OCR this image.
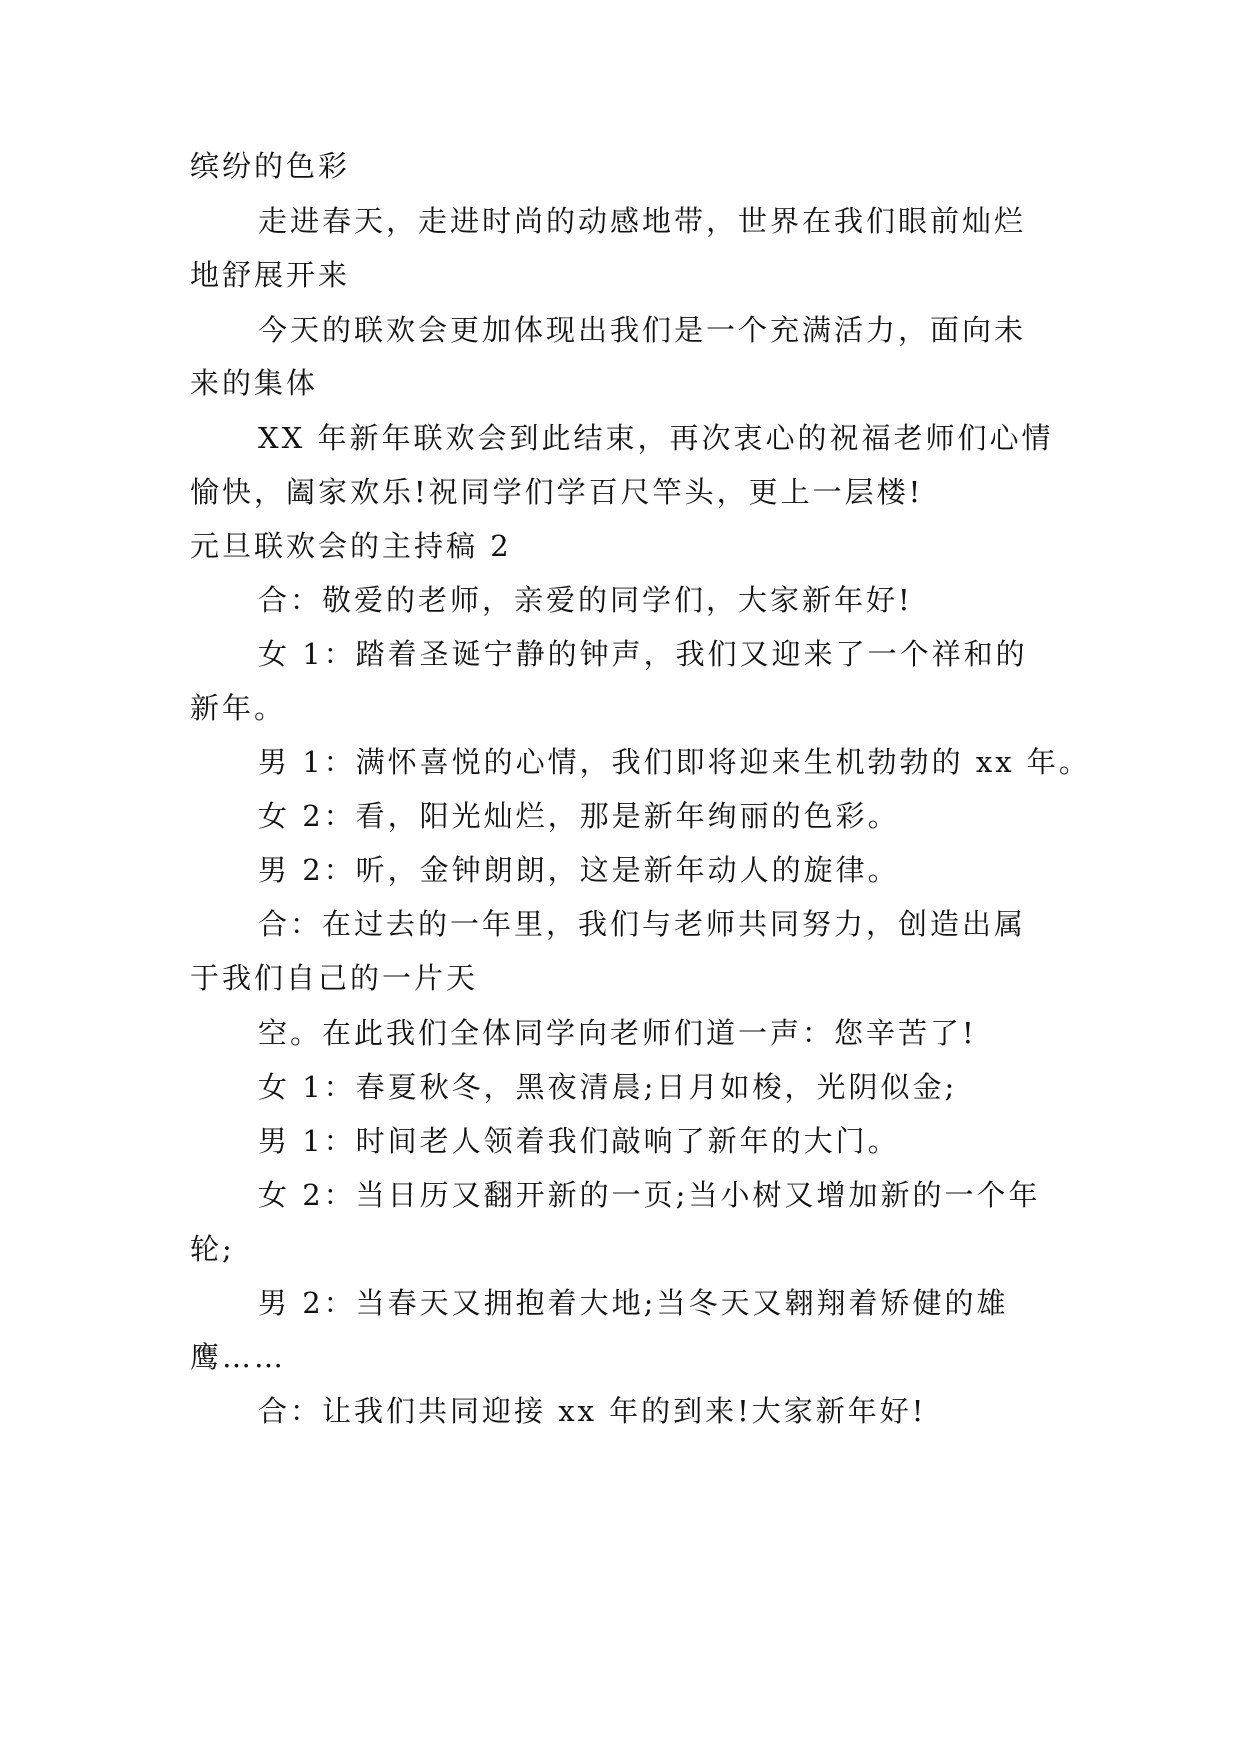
缤纷的色彩
走进春天，走进时尚的动感地带，世界在我们眼前灿烂
地舒展开来
今天的联欢会更加体现出我们是一个充满活力，面向未
来的集体
XX 年新年联欢会到此结束，再次衷心的祝福老师们心情
愉快，阖家欢乐!祝同学们学百尺竿头，更上一层楼!
元旦联欢会的主持稿 2
合：敬爱的老师，亲爱的同学们，大家新年好!
女 1：踏着圣诞宁静的钟声，我们又迎来了一个祥和的
新年。
男 1：满怀喜悦的心情，我们即将迎来生机勃勃的 xx 年。
女 2：看，阳光灿烂，那是新年绚丽的色彩。
男 2：听，金钟朗朗，这是新年动人的旋律。
合：在过去的一年里，我们与老师共同努力，创造出属
于我们自己的一片天
空。在此我们全体同学向老师们道一声：您辛苦了!
女 1：春夏秋冬，黑夜清晨;日月如梭，光阴似金;
男 1：时间老人领着我们敲响了新年的大门。
女 2：当日历又翻开新的一页;当小树又增加新的一个年
轮;
男 2：当春天又拥抱着大地;当冬天又翱翔着矫健的雄
鹰……
合：让我们共同迎接 xx 年的到来!大家新年好!
